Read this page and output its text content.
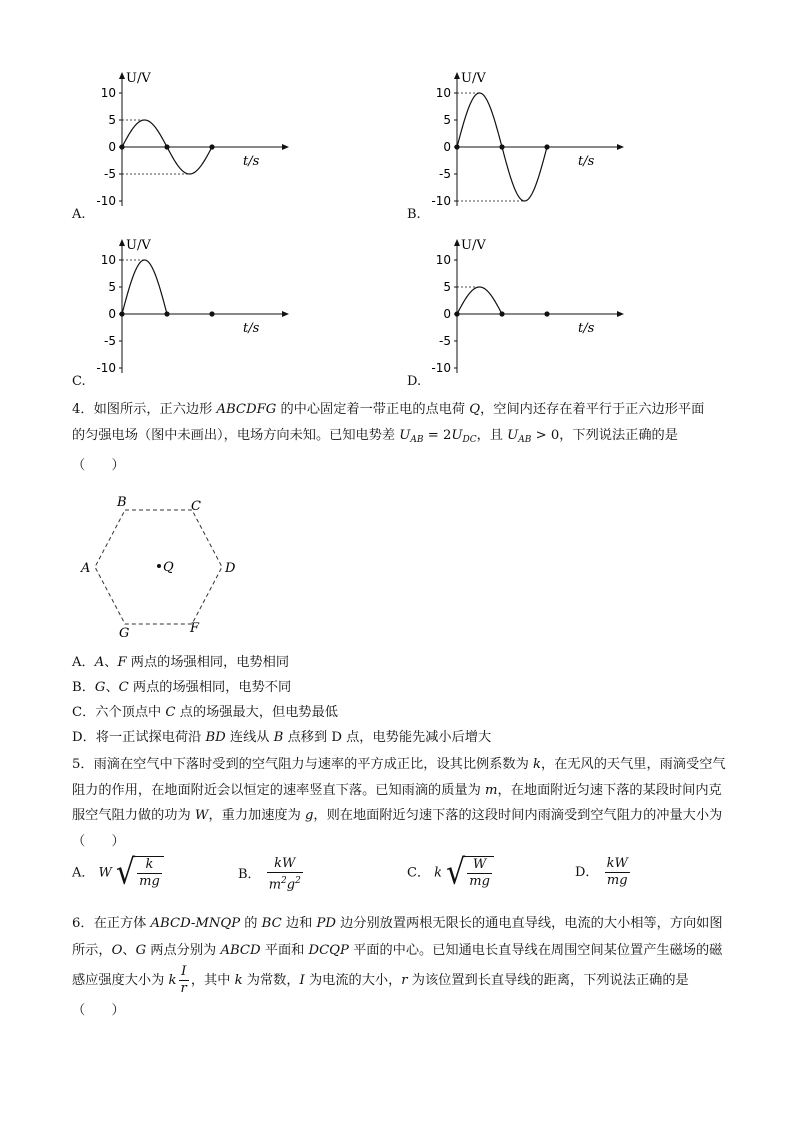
10
5
0
-5
-10
U/V
t/s
A.
10
5
0
-5
-10
U/V
t/s
B.
10
5
0
-5
-10
U/V
t/s
C.
10
5
0
-5
-10
U/V
t/s
D.
4．如图所示，正六边形 ABCDFG 的中心固定着一带正电的点电荷 Q，空间内还存在着平行于正六边形平面
的匀强电场（图中未画出），电场方向未知。已知电势差 $U_{AB} = 2U_{DC}$，且 $U_{AB} > 0$，下列说法正确的是
（　　）
B	C
A	D
G	F
Q
A．A、F 两点的场强相同，电势相同
B．G、C 两点的场强相同，电势不同
C．六个顶点中 C 点的场强最大，但电势最低
D．将一正试探电荷沿 BD 连线从 B 点移到 D 点，电势能先减小后增大
5．雨滴在空气中下落时受到的空气阻力与速率的平方成正比，设其比例系数为 k，在无风的天气里，雨滴受空气阻力的作用，在地面附近会以恒定的速率竖直下落。已知雨滴的质量为 m，在地面附近匀速下落的某段时间内克服空气阻力做的功为 W，重力加速度为 g，则在地面附近匀速下落的这段时间内雨滴受到空气阻力的冲量大小为（　　）
A． W √ $\frac{k}{mg}$	B． $\frac{kW}{m^2g^2}$	C． k √ $\frac{W}{mg}$	D． $\frac{kW}{mg}$
6．在正方体 ABCD-MNQP 的 BC 边和 PD 边分别放置两根无限长的通电直导线，电流的大小相等，方向如图所示，O、G 两点分别为 ABCD 平面和 DCQP 平面的中心。已知通电长直导线在周围空间某位置产生磁场的磁感应强度大小为 k $\frac{I}{r}$ ，其中 k 为常数，I 为电流的大小，r 为该位置到长直导线的距离，下列说法正确的是（　　）
